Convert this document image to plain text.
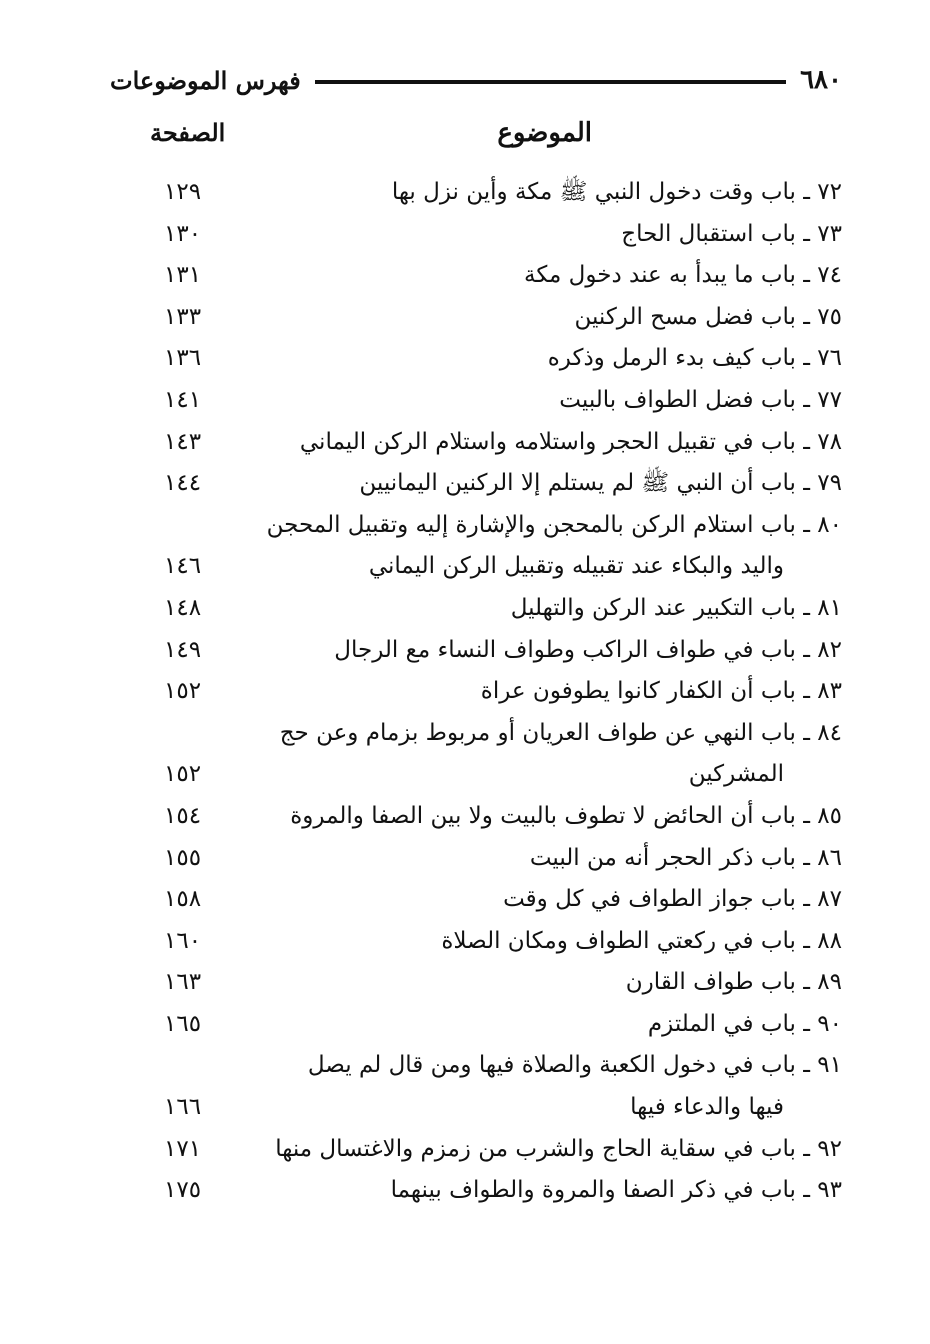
٦٨٠
فهرس الموضوعات
الموضوع
الصفحة
٧٢ ـ باب وقت دخول النبي ﷺ مكة وأين نزل بها
١٢٩
٧٣ ـ باب استقبال الحاج
١٣٠
٧٤ ـ باب ما يبدأ به عند دخول مكة
١٣١
٧٥ ـ باب فضل مسح الركنين
١٣٣
٧٦ ـ باب كيف بدء الرمل وذكره
١٣٦
٧٧ ـ باب فضل الطواف بالبيت
١٤١
٧٨ ـ باب في تقبيل الحجر واستلامه واستلام الركن اليماني
١٤٣
٧٩ ـ باب أن النبي ﷺ لم يستلم إلا الركنين اليمانيين
١٤٤
٨٠ ـ باب استلام الركن بالمحجن والإشارة إليه وتقبيل المحجن
واليد والبكاء عند تقبيله وتقبيل الركن اليماني
١٤٦
٨١ ـ باب التكبير عند الركن والتهليل
١٤٨
٨٢ ـ باب في طواف الراكب وطواف النساء مع الرجال
١٤٩
٨٣ ـ باب أن الكفار كانوا يطوفون عراة
١٥٢
٨٤ ـ باب النهي عن طواف العريان أو مربوط بزمام وعن حج
المشركين
١٥٢
٨٥ ـ باب أن الحائض لا تطوف بالبيت ولا بين الصفا والمروة
١٥٤
٨٦ ـ باب ذكر الحجر أنه من البيت
١٥٥
٨٧ ـ باب جواز الطواف في كل وقت
١٥٨
٨٨ ـ باب في ركعتي الطواف ومكان الصلاة
١٦٠
٨٩ ـ باب طواف القارن
١٦٣
٩٠ ـ باب في الملتزم
١٦٥
٩١ ـ باب في دخول الكعبة والصلاة فيها ومن قال لم يصل
فيها والدعاء فيها
١٦٦
٩٢ ـ باب في سقاية الحاج والشرب من زمزم والاغتسال منها
١٧١
٩٣ ـ باب في ذكر الصفا والمروة والطواف بينهما
١٧٥
